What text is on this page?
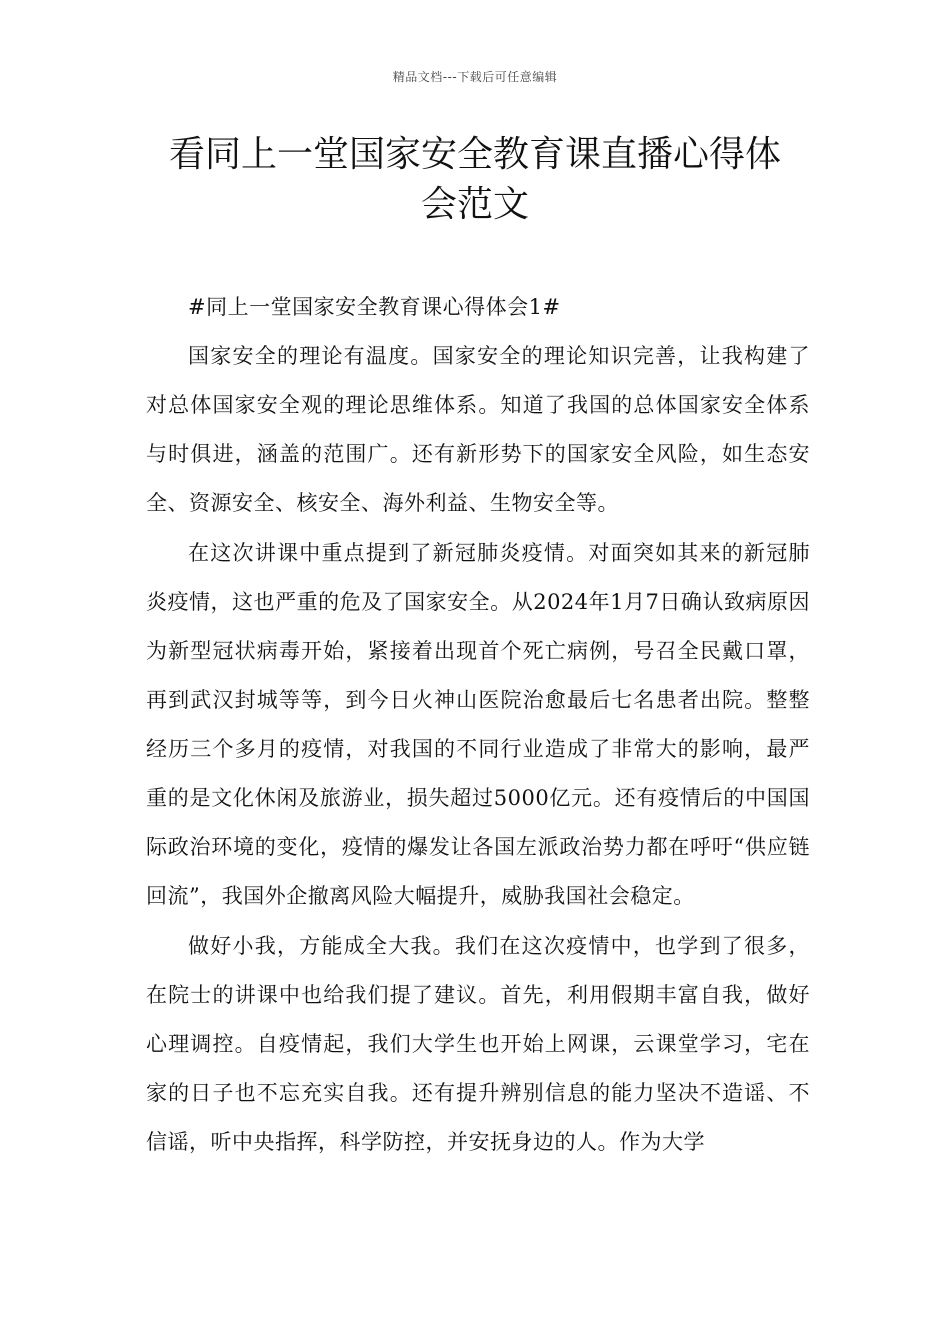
精品文档---下载后可任意编辑
看同上一堂国家安全教育课直播心得体
会范文

#同上一堂国家安全教育课心得体会1#

国家安全的理论有温度。国家安全的理论知识完善，让我构建了对总体国家安全观的理论思维体系。知道了我国的总体国家安全体系与时俱进，涵盖的范围广。还有新形势下的国家安全风险，如生态安全、资源安全、核安全、海外利益、生物安全等。

在这次讲课中重点提到了新冠肺炎疫情。对面突如其来的新冠肺炎疫情，这也严重的危及了国家安全。从2024年1月7日确认致病原因为新型冠状病毒开始，紧接着出现首个死亡病例，号召全民戴口罩，再到武汉封城等等，到今日火神山医院治愈最后七名患者出院。整整经历三个多月的疫情，对我国的不同行业造成了非常大的影响，最严重的是文化休闲及旅游业，损失超过5000亿元。还有疫情后的中国国际政治环境的变化，疫情的爆发让各国左派政治势力都在呼吁“供应链回流”，我国外企撤离风险大幅提升，威胁我国社会稳定。

做好小我，方能成全大我。我们在这次疫情中，也学到了很多，在院士的讲课中也给我们提了建议。首先，利用假期丰富自我，做好心理调控。自疫情起，我们大学生也开始上网课，云课堂学习，宅在家的日子也不忘充实自我。还有提升辨别信息的能力坚决不造谣、不信谣，听中央指挥，科学防控，并安抚身边的人。作为大学
